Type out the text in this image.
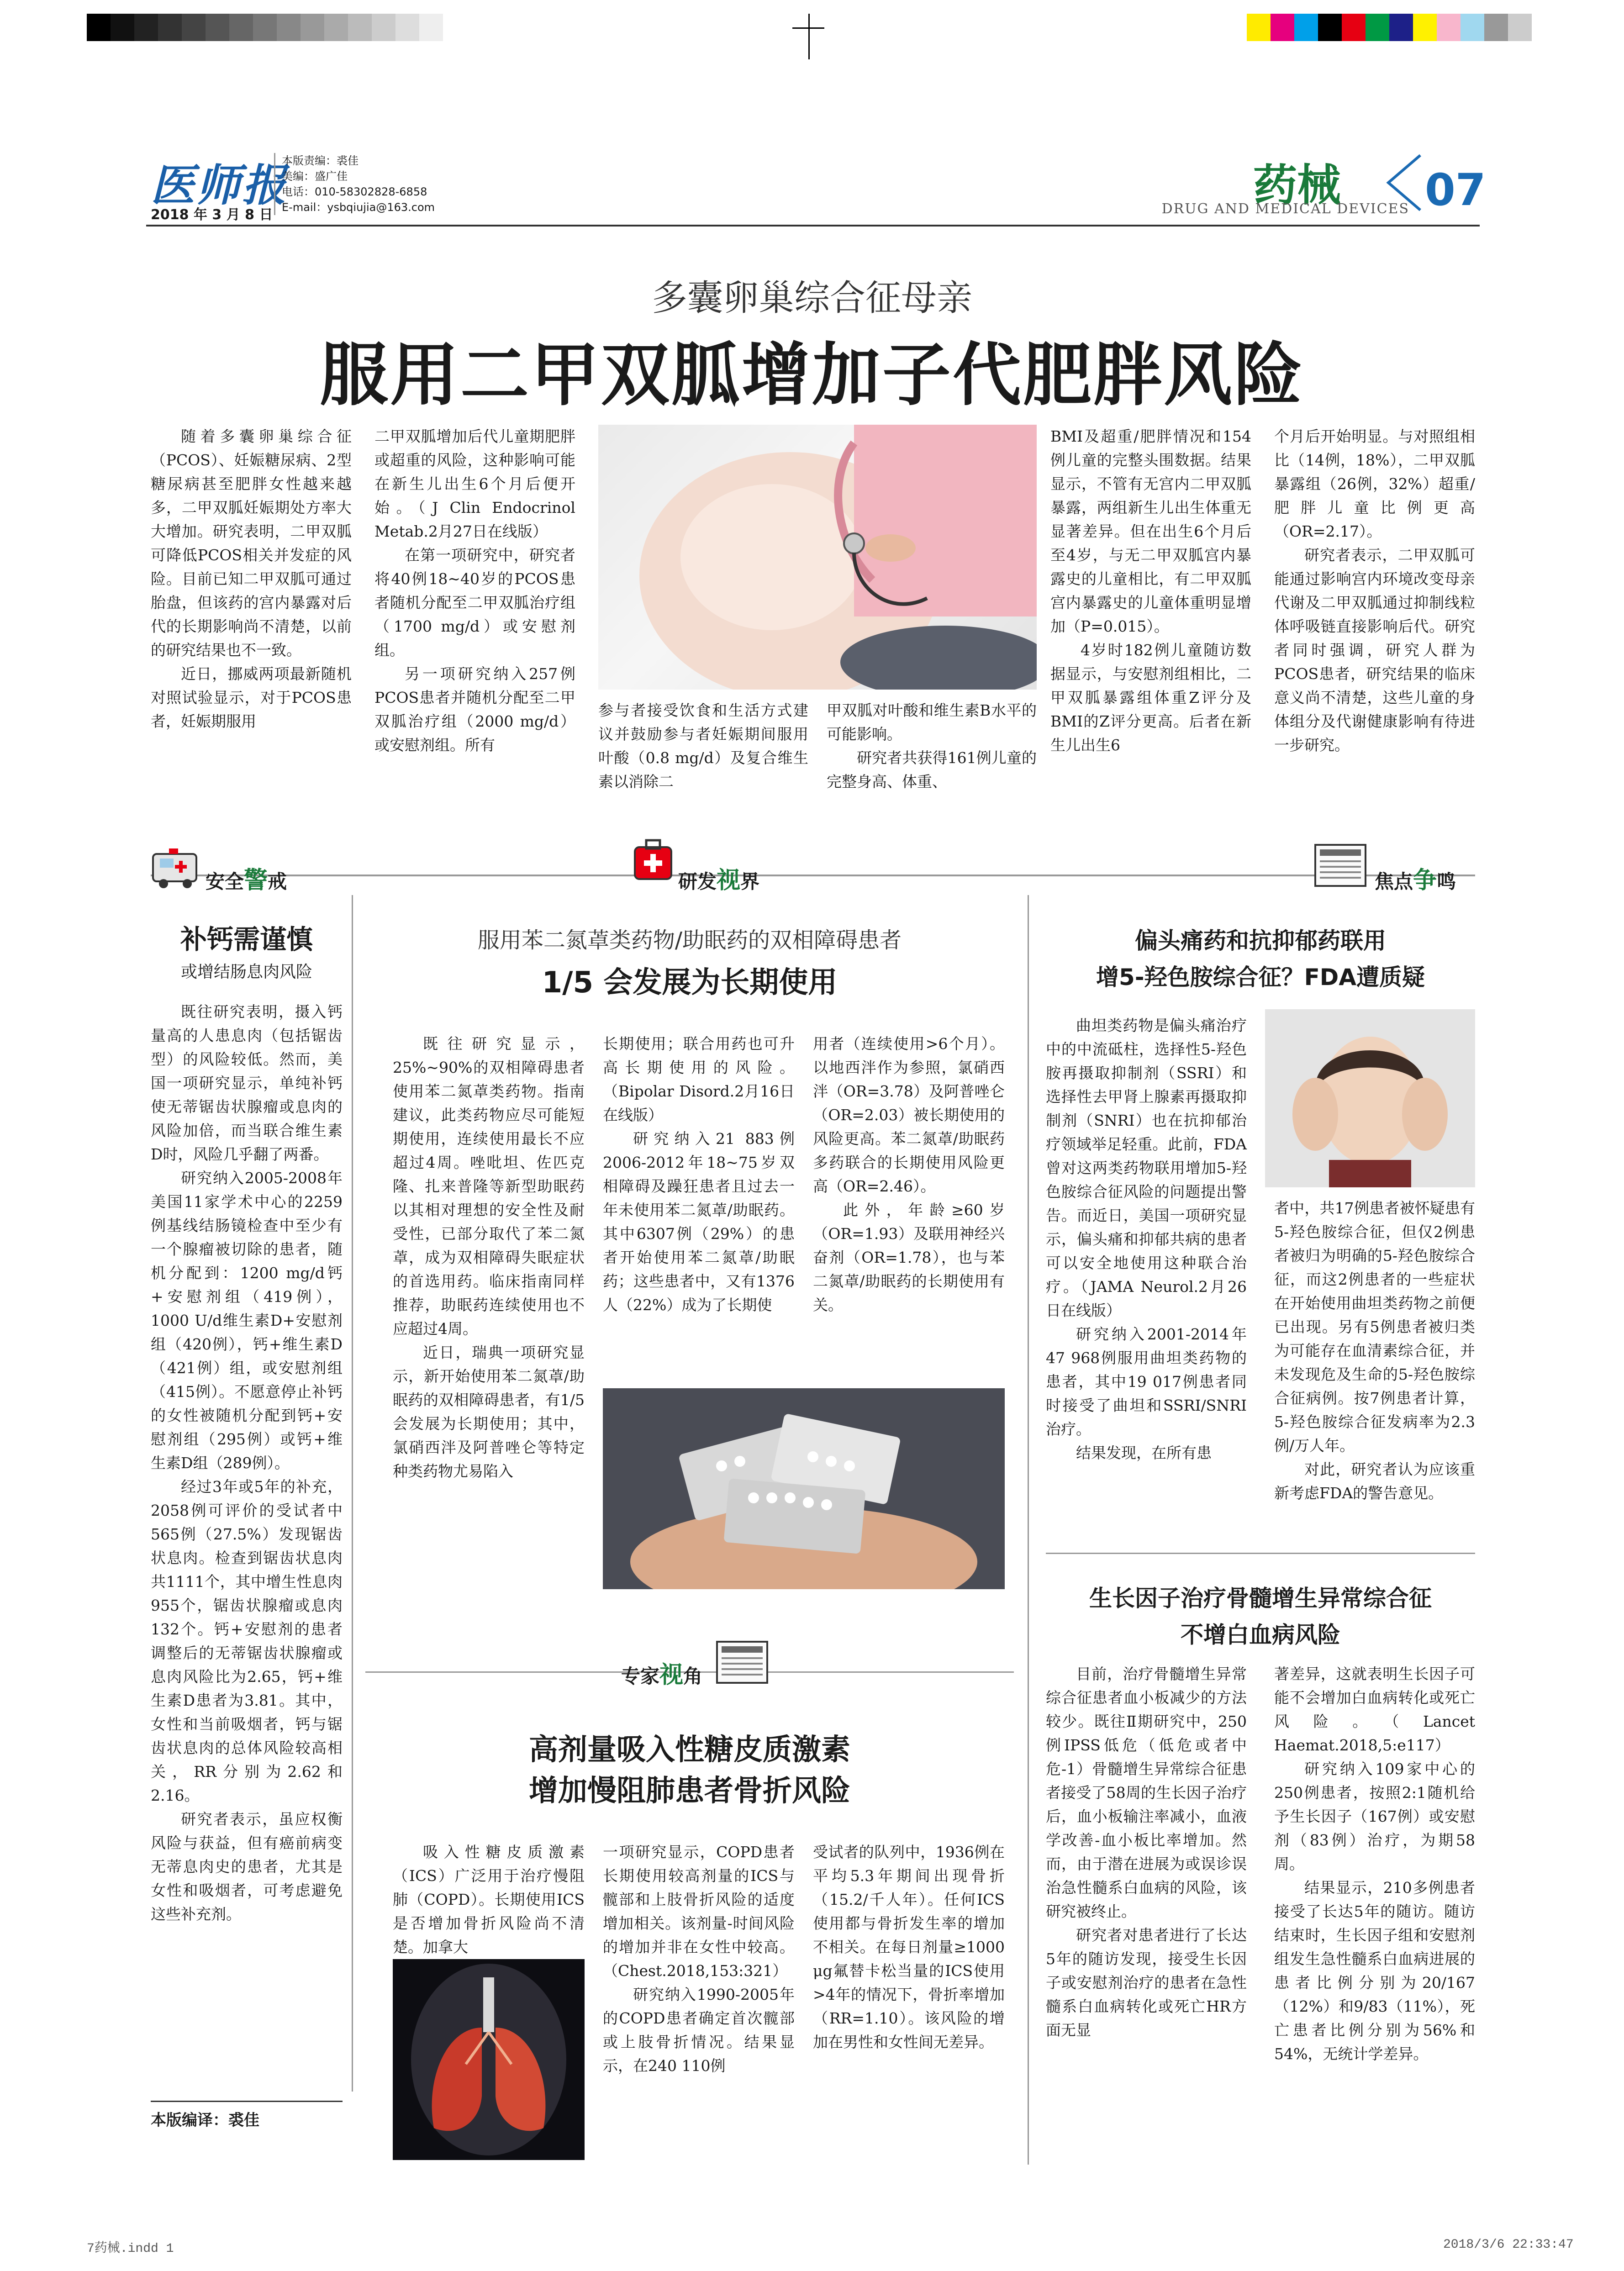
医师报
2018 年 3 月 8 日
本版责编：裘佳
美编：盛广佳
电话：010-58302828-6858
E-mail：ysbqiujia@163.com	药械
DRUG AND MEDICAL DEVICES 07
多囊卵巢综合征母亲
服用二甲双胍增加子代肥胖风险

随着多囊卵巢综合征（PCOS）、妊娠糖尿病、2型糖尿病甚至肥胖女性越来越多，二甲双胍妊娠期处方率大大增加。研究表明，二甲双胍可降低PCOS相关并发症的风险。目前已知二甲双胍可通过胎盘，但该药的宫内暴露对后代的长期影响尚不清楚，以前的研究结果也不一致。

近日，挪威两项最新随机对照试验显示，对于PCOS患者，妊娠期服用

二甲双胍增加后代儿童期肥胖或超重的风险，这种影响可能在新生儿出生6个月后便开始。（J Clin Endocrinol Metab.2月27日在线版）

在第一项研究中，研究者将40例18~40岁的PCOS患者随机分配至二甲双胍治疗组（1700 mg/d）或安慰剂组。

另一项研究纳入257例PCOS患者并随机分配至二甲双胍治疗组（2000 mg/d）或安慰剂组。所有

参与者接受饮食和生活方式建议并鼓励参与者妊娠期间服用叶酸（0.8 mg/d）及复合维生素以消除二

甲双胍对叶酸和维生素B水平的可能影响。

研究者共获得161例儿童的完整身高、体重、

BMI及超重/肥胖情况和154例儿童的完整头围数据。结果显示，不管有无宫内二甲双胍暴露，两组新生儿出生体重无显著差异。但在出生6个月后至4岁，与无二甲双胍宫内暴露史的儿童相比，有二甲双胍宫内暴露史的儿童体重明显增加（P=0.015）。

4岁时182例儿童随访数据显示，与安慰剂组相比，二甲双胍暴露组体重Z评分及BMI的Z评分更高。后者在新生儿出生6

个月后开始明显。与对照组相比（14例，18%），二甲双胍暴露组（26例，32%）超重/肥胖儿童比例更高（OR=2.17）。

研究者表示，二甲双胍可能通过影响宫内环境改变母亲代谢及二甲双胍通过抑制线粒体呼吸链直接影响后代。研究者同时强调，研究人群为PCOS患者，研究结果的临床意义尚不清楚，这些儿童的身体组分及代谢健康影响有待进一步研究。

安全警戒	研发视界	焦点争鸣
补钙需谨慎
或增结肠息肉风险

既往研究表明，摄入钙量高的人患息肉（包括锯齿型）的风险较低。然而，美国一项研究显示，单纯补钙使无蒂锯齿状腺瘤或息肉的风险加倍，而当联合维生素D时，风险几乎翻了两番。

研究纳入2005-2008年美国11家学术中心的2259例基线结肠镜检查中至少有一个腺瘤被切除的患者，随机分配到：1200 mg/d钙+安慰剂组（419例），1000 U/d维生素D+安慰剂组（420例），钙+维生素D（421例）组，或安慰剂组（415例）。不愿意停止补钙的女性被随机分配到钙+安慰剂组（295例）或钙+维生素D组（289例）。

经过3年或5年的补充，2058例可评价的受试者中565例（27.5%）发现锯齿状息肉。检查到锯齿状息肉共1111个，其中增生性息肉955个，锯齿状腺瘤或息肉132个。钙+安慰剂的患者调整后的无蒂锯齿状腺瘤或息肉风险比为2.65，钙+维生素D患者为3.81。其中，女性和当前吸烟者，钙与锯齿状息肉的总体风险较高相关，RR分别为2.62和2.16。

研究者表示，虽应权衡风险与获益，但有癌前病变无蒂息肉史的患者，尤其是女性和吸烟者，可考虑避免这些补充剂。

本版编译：裘佳
服用苯二氮䓬类药物/助眠药的双相障碍患者
1/5 会发展为长期使用

既往研究显示，25%~90%的双相障碍患者使用苯二氮䓬类药物。指南建议，此类药物应尽可能短期使用，连续使用最长不应超过4周。唑吡坦、佐匹克隆、扎来普隆等新型助眠药以其相对理想的安全性及耐受性，已部分取代了苯二氮䓬，成为双相障碍失眠症状的首选用药。临床指南同样推荐，助眠药连续使用也不应超过4周。

近日，瑞典一项研究显示，新开始使用苯二氮䓬/助眠药的双相障碍患者，有1/5会发展为长期使用；其中，氯硝西泮及阿普唑仑等特定种类药物尤易陷入

长期使用；联合用药也可升高长期使用的风险。（Bipolar Disord.2月16日在线版）

研究纳入21 883例2006-2012年18~75岁双相障碍及躁狂患者且过去一年未使用苯二氮䓬/助眠药。其中6307例（29%）的患者开始使用苯二氮䓬/助眠药；这些患者中，又有1376人（22%）成为了长期使

用者（连续使用>6个月）。以地西泮作为参照，氯硝西泮（OR=3.78）及阿普唑仑（OR=2.03）被长期使用的风险更高。苯二氮䓬/助眠药多药联合的长期使用风险更高（OR=2.46）。

此外，年龄≥60岁（OR=1.93）及联用神经兴奋剂（OR=1.78），也与苯二氮䓬/助眠药的长期使用有关。

偏头痛药和抗抑郁药联用
增5-羟色胺综合征？FDA遭质疑

曲坦类药物是偏头痛治疗中的中流砥柱，选择性5-羟色胺再摄取抑制剂（SSRI）和选择性去甲肾上腺素再摄取抑制剂（SNRI）也在抗抑郁治疗领域举足轻重。此前，FDA曾对这两类药物联用增加5-羟色胺综合征风险的问题提出警告。而近日，美国一项研究显示，偏头痛和抑郁共病的患者可以安全地使用这种联合治疗。（JAMA Neurol.2月26日在线版）

研究纳入2001-2014年47 968例服用曲坦类药物的患者，其中19 017例患者同时接受了曲坦和SSRI/SNRI治疗。

结果发现，在所有患

者中，共17例患者被怀疑患有5-羟色胺综合征，但仅2例患者被归为明确的5-羟色胺综合征，而这2例患者的一些症状在开始使用曲坦类药物之前便已出现。另有5例患者被归类为可能存在血清素综合征，并未发现危及生命的5-羟色胺综合征病例。按7例患者计算，5-羟色胺综合征发病率为2.3例/万人年。

对此，研究者认为应该重新考虑FDA的警告意见。

生长因子治疗骨髓增生异常综合征
不增白血病风险

目前，治疗骨髓增生异常综合征患者血小板减少的方法较少。既往Ⅱ期研究中，250例IPSS低危（低危或者中危-1）骨髓增生异常综合征患者接受了58周的生长因子治疗后，血小板输注率减小，血液学改善-血小板比率增加。然而，由于潜在进展为或误诊误治急性髓系白血病的风险，该研究被终止。

研究者对患者进行了长达5年的随访发现，接受生长因子或安慰剂治疗的患者在急性髓系白血病转化或死亡HR方面无显

著差异，这就表明生长因子可能不会增加白血病转化或死亡风险。（Lancet Haemat.2018,5:e117）

研究纳入109家中心的250例患者，按照2:1随机给予生长因子（167例）或安慰剂（83例）治疗，为期58周。

结果显示，210多例患者接受了长达5年的随访。随访结束时，生长因子组和安慰剂组发生急性髓系白血病进展的患者比例分别为20/167（12%）和9/83（11%），死亡患者比例分别为56%和54%，无统计学差异。

专家视角
高剂量吸入性糖皮质激素
增加慢阻肺患者骨折风险

吸入性糖皮质激素（ICS）广泛用于治疗慢阻肺（COPD）。长期使用ICS是否增加骨折风险尚不清楚。加拿大

一项研究显示，COPD患者长期使用较高剂量的ICS与髋部和上肢骨折风险的适度增加相关。该剂量-时间风险的增加并非在女性中较高。（Chest.2018,153:321）

研究纳入1990-2005年的COPD患者确定首次髋部或上肢骨折情况。结果显示，在240 110例

受试者的队列中，1936例在平均5.3年期间出现骨折（15.2/千人年）。任何ICS使用都与骨折发生率的增加不相关。在每日剂量≥1000 μg氟替卡松当量的ICS使用>4年的情况下，骨折率增加（RR=1.10）。该风险的增加在男性和女性间无差异。

7药械.indd 1	2018/3/6 22:33:47
